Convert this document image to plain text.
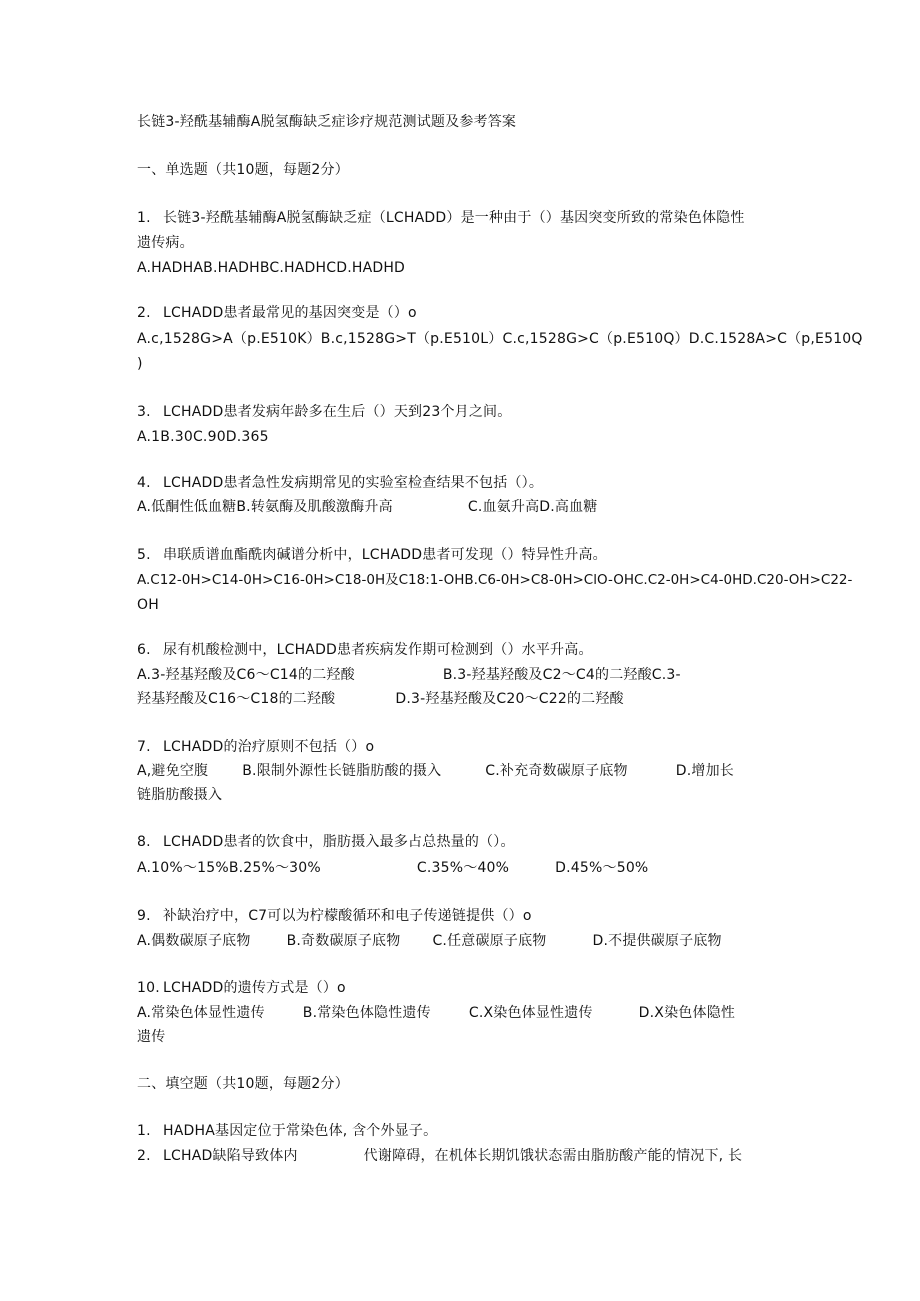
长链3-羟酰基辅酶A脱氢酶缺乏症诊疗规范测试题及参考答案
一、单选题（共10题，每题2分）
1. 长链3-羟酰基辅酶A脱氢酶缺乏症（LCHADD）是一种由于（）基因突变所致的常染色体隐性
遗传病。
A.HADHAB.HADHBC.HADHCD.HADHD
2. LCHADD患者最常见的基因突变是（）o
A.c,1528G>A（p.E510K）B.c,1528G>T（p.E510L）C.c,1528G>C（p.E510Q）D.C.1528A>C（p,E510Q
)
3. LCHADD患者发病年龄多在生后（）天到23个月之间。
A.1B.30C.90D.365
4. LCHADD患者急性发病期常见的实验室检查结果不包括（）。
A.低酮性低血糖B.转氨酶及肌酸激酶升高	C.血氨升高D.高血糖
5. 串联质谱血酯酰肉碱谱分析中，LCHADD患者可发现（）特异性升高。
A.C12-0H>C14-0H>C16-0H>C18-0H及C18:1-OHB.C6-0H>C8-0H>ClO-OHC.C2-0H>C4-0HD.C20-OH>C22-
OH
6. 尿有机酸检测中，LCHADD患者疾病发作期可检测到（）水平升高。
A.3-羟基羟酸及C6～C14的二羟酸	B.3-羟基羟酸及C2～C4的二羟酸C.3-
羟基羟酸及C16～C18的二羟酸	D.3-羟基羟酸及C20～C22的二羟酸
7. LCHADD的治疗原则不包括（）o
A,避免空腹 B.限制外源性长链脂肪酸的摄入	C.补充奇数碳原子底物	D.增加长
链脂肪酸摄入
8. LCHADD患者的饮食中，脂肪摄入最多占总热量的（）。
A.10%～15%B.25%～30%	C.35%～40%	D.45%～50%
9. 补缺治疗中，C7可以为柠檬酸循环和电子传递链提供（）o
A.偶数碳原子底物	B.奇数碳原子底物 C.任意碳原子底物	D.不提供碳原子底物
10. LCHADD的遗传方式是（）o
A.常染色体显性遗传	B.常染色体隐性遗传	C.X染色体显性遗传	D.X染色体隐性
遗传
二、填空题（共10题，每题2分）
1. HADHA基因定位于常染色体, 含个外显子。
2. LCHAD缺陷导致体内	代谢障碍，在机体长期饥饿状态需由脂肪酸产能的情况下, 长
